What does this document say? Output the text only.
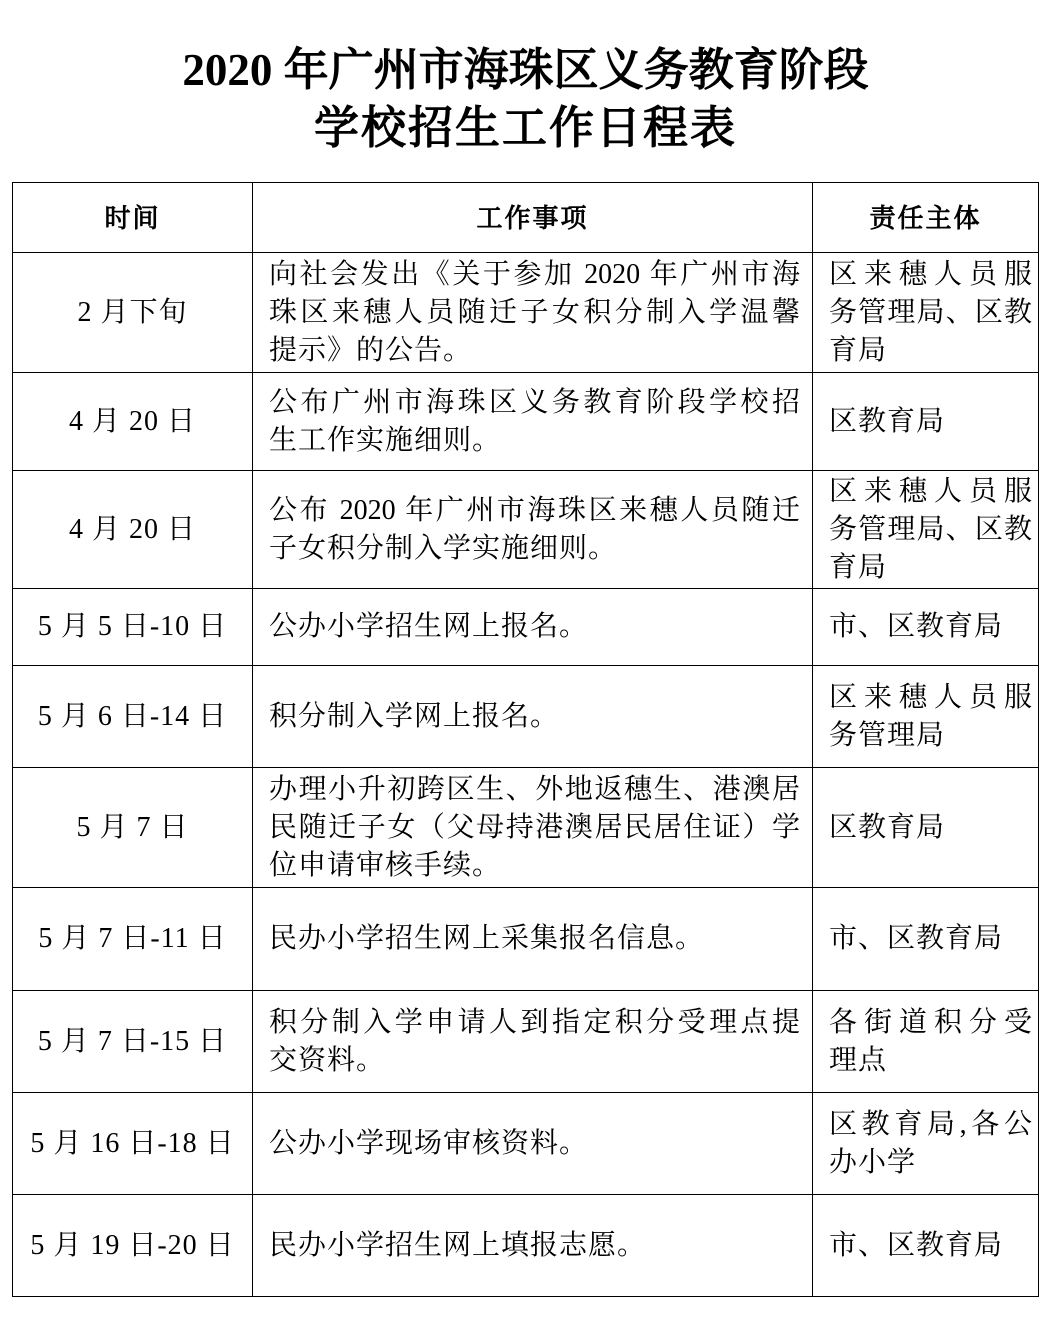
2020 年广州市海珠区义务教育阶段
学校招生工作日程表
时间	工作事项	责任主体
2 月下旬	向社会发出《关于参加 2020 年广州市海
珠区来穗人员随迁子女积分制入学温馨
提示》的公告。	区来穗人员服
务管理局、区教
育局

4 月 20 日	公布广州市海珠区义务教育阶段学校招
生工作实施细则。	区教育局

4 月 20 日	公布 2020 年广州市海珠区来穗人员随迁
子女积分制入学实施细则。	区来穗人员服
务管理局、区教
育局

5 月 5 日-10 日	公办小学招生网上报名。	市、区教育局

5 月 6 日-14 日	积分制入学网上报名。	区来穗人员服
务管理局

5 月 7 日	办理小升初跨区生、外地返穗生、港澳居
民随迁子女（父母持港澳居民居住证）学
位申请审核手续。	区教育局

5 月 7 日-11 日	民办小学招生网上采集报名信息。	市、区教育局

5 月 7 日-15 日	积分制入学申请人到指定积分受理点提
交资料。	各街道积分受
理点

5 月 16 日-18 日	公办小学现场审核资料。	区教育局,各公
办小学

5 月 19 日-20 日	民办小学招生网上填报志愿。	市、区教育局
